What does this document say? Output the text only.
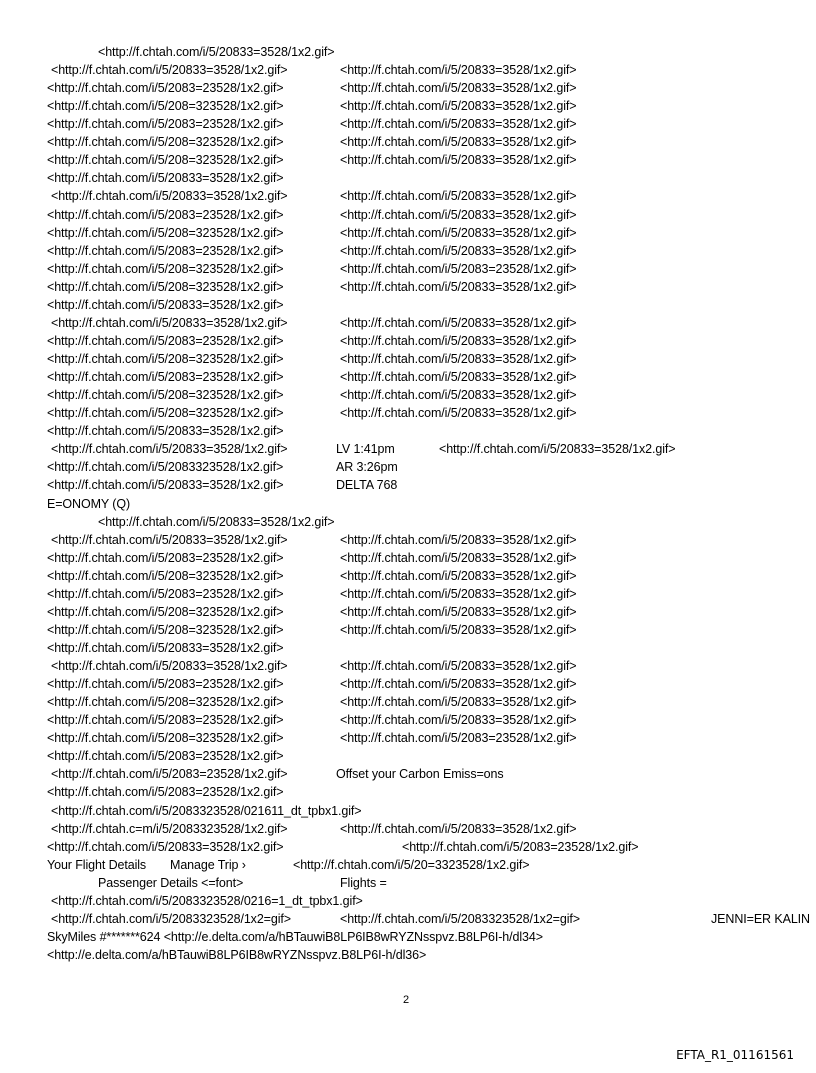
<http://f.chtah.com/i/5/20833=3528/1x2.gif>
<http://f.chtah.com/i/5/20833=3528/1x2.gif>	<http://f.chtah.com/i/5/20833=3528/1x2.gif>
<http://f.chtah.com/i/5/2083=23528/1x2.gif>	<http://f.chtah.com/i/5/20833=3528/1x2.gif>
<http://f.chtah.com/i/5/208=323528/1x2.gif>	<http://f.chtah.com/i/5/20833=3528/1x2.gif>
<http://f.chtah.com/i/5/2083=23528/1x2.gif>	<http://f.chtah.com/i/5/20833=3528/1x2.gif>
<http://f.chtah.com/i/5/208=323528/1x2.gif>	<http://f.chtah.com/i/5/20833=3528/1x2.gif>
<http://f.chtah.com/i/5/208=323528/1x2.gif>	<http://f.chtah.com/i/5/20833=3528/1x2.gif>
<http://f.chtah.com/i/5/20833=3528/1x2.gif>
<http://f.chtah.com/i/5/20833=3528/1x2.gif>	<http://f.chtah.com/i/5/20833=3528/1x2.gif>
<http://f.chtah.com/i/5/2083=23528/1x2.gif>	<http://f.chtah.com/i/5/20833=3528/1x2.gif>
<http://f.chtah.com/i/5/208=323528/1x2.gif>	<http://f.chtah.com/i/5/20833=3528/1x2.gif>
<http://f.chtah.com/i/5/2083=23528/1x2.gif>	<http://f.chtah.com/i/5/20833=3528/1x2.gif>
<http://f.chtah.com/i/5/208=323528/1x2.gif>	<http://f.chtah.com/i/5/2083=23528/1x2.gif>
<http://f.chtah.com/i/5/208=323528/1x2.gif>	<http://f.chtah.com/i/5/20833=3528/1x2.gif>
<http://f.chtah.com/i/5/20833=3528/1x2.gif>
<http://f.chtah.com/i/5/20833=3528/1x2.gif>	<http://f.chtah.com/i/5/20833=3528/1x2.gif>
<http://f.chtah.com/i/5/2083=23528/1x2.gif>	<http://f.chtah.com/i/5/20833=3528/1x2.gif>
<http://f.chtah.com/i/5/208=323528/1x2.gif>	<http://f.chtah.com/i/5/20833=3528/1x2.gif>
<http://f.chtah.com/i/5/2083=23528/1x2.gif>	<http://f.chtah.com/i/5/20833=3528/1x2.gif>
<http://f.chtah.com/i/5/208=323528/1x2.gif>	<http://f.chtah.com/i/5/20833=3528/1x2.gif>
<http://f.chtah.com/i/5/208=323528/1x2.gif>	<http://f.chtah.com/i/5/20833=3528/1x2.gif>
<http://f.chtah.com/i/5/20833=3528/1x2.gif>
<http://f.chtah.com/i/5/20833=3528/1x2.gif>	LV 1:41pm	<http://f.chtah.com/i/5/20833=3528/1x2.gif>
<http://f.chtah.com/i/5/2083323528/1x2.gif>	AR 3:26pm
<http://f.chtah.com/i/5/20833=3528/1x2.gif>	DELTA 768
E=ONOMY (Q)
<http://f.chtah.com/i/5/20833=3528/1x2.gif>
<http://f.chtah.com/i/5/20833=3528/1x2.gif>	<http://f.chtah.com/i/5/20833=3528/1x2.gif>
<http://f.chtah.com/i/5/2083=23528/1x2.gif>	<http://f.chtah.com/i/5/20833=3528/1x2.gif>
<http://f.chtah.com/i/5/208=323528/1x2.gif>	<http://f.chtah.com/i/5/20833=3528/1x2.gif>
<http://f.chtah.com/i/5/2083=23528/1x2.gif>	<http://f.chtah.com/i/5/20833=3528/1x2.gif>
<http://f.chtah.com/i/5/208=323528/1x2.gif>	<http://f.chtah.com/i/5/20833=3528/1x2.gif>
<http://f.chtah.com/i/5/208=323528/1x2.gif>	<http://f.chtah.com/i/5/20833=3528/1x2.gif>
<http://f.chtah.com/i/5/20833=3528/1x2.gif>
<http://f.chtah.com/i/5/20833=3528/1x2.gif>	<http://f.chtah.com/i/5/20833=3528/1x2.gif>
<http://f.chtah.com/i/5/2083=23528/1x2.gif>	<http://f.chtah.com/i/5/20833=3528/1x2.gif>
<http://f.chtah.com/i/5/208=323528/1x2.gif>	<http://f.chtah.com/i/5/20833=3528/1x2.gif>
<http://f.chtah.com/i/5/2083=23528/1x2.gif>	<http://f.chtah.com/i/5/20833=3528/1x2.gif>
<http://f.chtah.com/i/5/208=323528/1x2.gif>	<http://f.chtah.com/i/5/2083=23528/1x2.gif>
<http://f.chtah.com/i/5/2083=23528/1x2.gif>
<http://f.chtah.com/i/5/2083=23528/1x2.gif>	Offset your Carbon Emiss=ons
<http://f.chtah.com/i/5/2083=23528/1x2.gif>
<http://f.chtah.com/i/5/2083323528/021611_dt_tpbx1.gif>
<http://f.chtah.c=m/i/5/2083323528/1x2.gif>	<http://f.chtah.com/i/5/20833=3528/1x2.gif>
<http://f.chtah.com/i/5/20833=3528/1x2.gif>	<http://f.chtah.com/i/5/2083=23528/1x2.gif>
Your Flight Details Manage Trip ›	<http://f.chtah.com/i/5/20=3323528/1x2.gif>
Passenger Details <=font>	Flights =
<http://f.chtah.com/i/5/2083323528/0216=1_dt_tpbx1.gif>
<http://f.chtah.com/i/5/2083323528/1x2=gif>	<http://f.chtah.com/i/5/2083323528/1x2=gif>	JENNI=ER KALIN
SkyMiles #*******624 <http://e.delta.com/a/hBTauwiB8LP6IB8wRYZNsspvz.B8LP6I-h/dl34>
<http://e.delta.com/a/hBTauwiB8LP6IB8wRYZNsspvz.B8LP6I-h/dl36>
2
EFTA_R1_01161561
